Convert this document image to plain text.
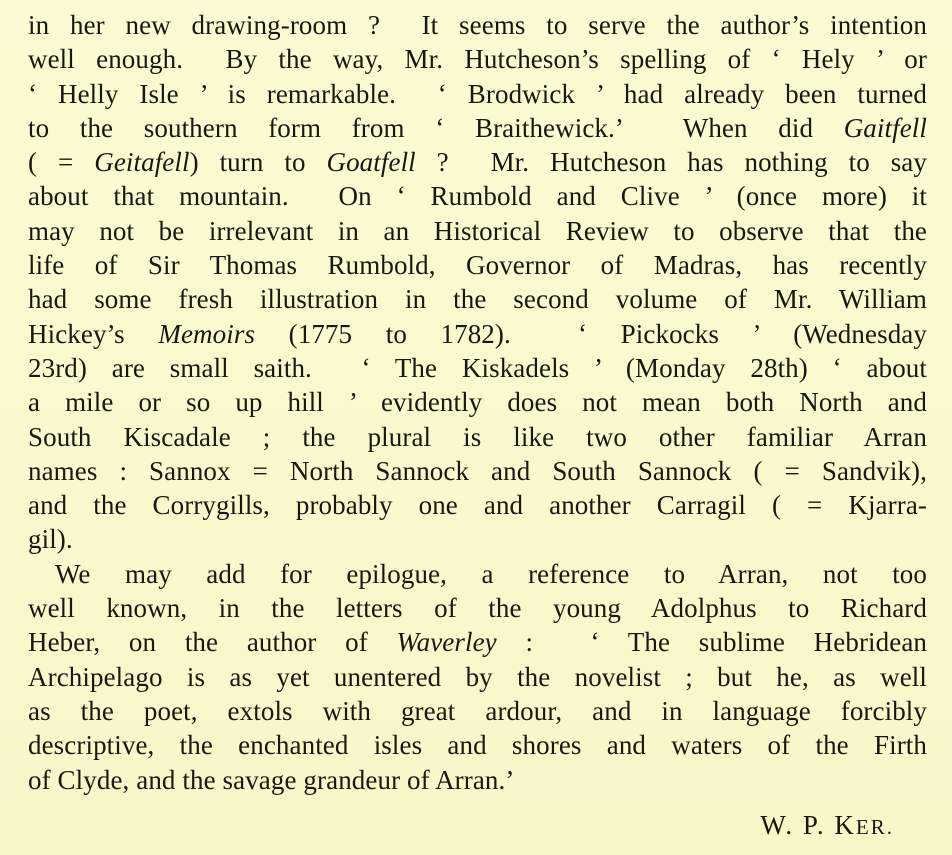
in her new drawing-room ?  It seems to serve the author’s intention
well enough.  By the way, Mr. Hutcheson’s spelling of ‘ Hely ’ or
‘ Helly Isle ’ is remarkable.  ‘ Brodwick ’ had already been turned
to the southern form from ‘ Braithewick.’  When did Gaitfell
( = Geitafell) turn to Goatfell ?  Mr. Hutcheson has nothing to say
about that mountain.  On ‘ Rumbold and Clive ’ (once more) it
may not be irrelevant in an Historical Review to observe that the
life of Sir Thomas Rumbold, Governor of Madras, has recently
had some fresh illustration in the second volume of Mr. William
Hickey’s Memoirs (1775 to 1782).  ‘ Pickocks ’ (Wednesday
23rd) are small saith.  ‘ The Kiskadels ’ (Monday 28th) ‘ about
a mile or so up hill ’ evidently does not mean both North and
South Kiscadale ; the plural is like two other familiar Arran
names : Sannox = North Sannock and South Sannock ( = Sandvik),
and the Corrygills, probably one and another Carragil ( = Kjarra-
gil).
We may add for epilogue, a reference to Arran, not too
well known, in the letters of the young Adolphus to Richard
Heber, on the author of Waverley :  ‘ The sublime Hebridean
Archipelago is as yet unentered by the novelist ; but he, as well
as the poet, extols with great ardour, and in language forcibly
descriptive, the enchanted isles and shores and waters of the Firth
of Clyde, and the savage grandeur of Arran.’
W. P. KER.
